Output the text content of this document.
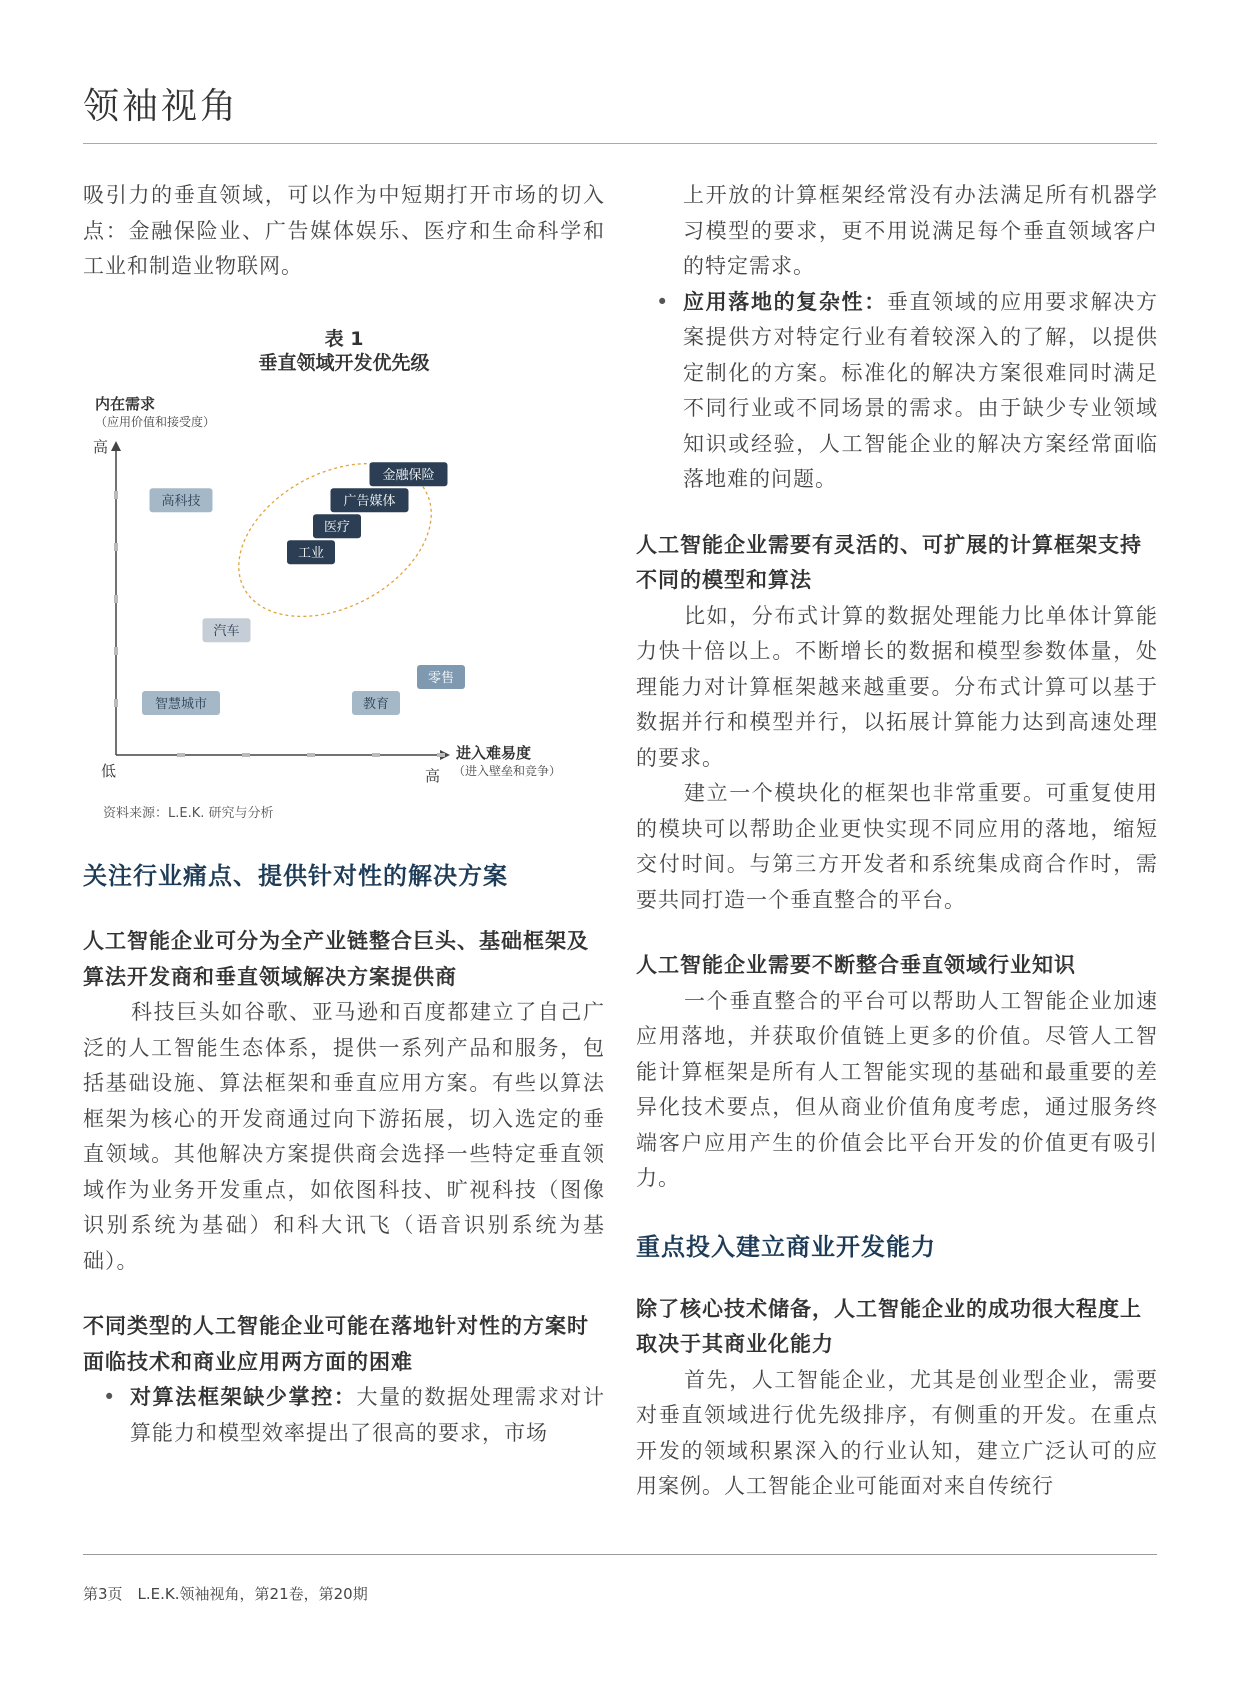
领袖视角

吸引力的垂直领域，可以作为中短期打开市场的切入点：金融保险业、广告媒体娱乐、医疗和生命科学和工业和制造业物联网。

表 1
垂直领域开发优先级
内在需求
（应用价值和接受度）
高
进入难易度
（进入壁垒和竞争）
低	高
金融保险
广告媒体
医疗
工业
高科技
汽车
智慧城市	教育
零售
资料来源：L.E.K. 研究与分析
关注行业痛点、提供针对性的解决方案
人工智能企业可分为全产业链整合巨头、基础框架及算法开发商和垂直领域解决方案提供商

科技巨头如谷歌、亚马逊和百度都建立了自己广泛的人工智能生态体系，提供一系列产品和服务，包括基础设施、算法框架和垂直应用方案。有些以算法框架为核心的开发商通过向下游拓展，切入选定的垂直领域。其他解决方案提供商会选择一些特定垂直领域作为业务开发重点，如依图科技、旷视科技（图像识别系统为基础）和科大讯飞（语音识别系统为基础）。

不同类型的人工智能企业可能在落地针对性的方案时面临技术和商业应用两方面的困难
• 对算法框架缺少掌控：大量的数据处理需求对计算能力和模型效率提出了很高的要求，市场

上开放的计算框架经常没有办法满足所有机器学习模型的要求，更不用说满足每个垂直领域客户的特定需求。

• 应用落地的复杂性：垂直领域的应用要求解决方案提供方对特定行业有着较深入的了解，以提供定制化的方案。标准化的解决方案很难同时满足不同行业或不同场景的需求。由于缺少专业领域知识或经验，人工智能企业的解决方案经常面临落地难的问题。
人工智能企业需要有灵活的、可扩展的计算框架支持不同的模型和算法

比如，分布式计算的数据处理能力比单体计算能力快十倍以上。不断增长的数据和模型参数体量，处理能力对计算框架越来越重要。分布式计算可以基于数据并行和模型并行，以拓展计算能力达到高速处理的要求。

建立一个模块化的框架也非常重要。可重复使用的模块可以帮助企业更快实现不同应用的落地，缩短交付时间。与第三方开发者和系统集成商合作时，需要共同打造一个垂直整合的平台。

人工智能企业需要不断整合垂直领域行业知识

一个垂直整合的平台可以帮助人工智能企业加速应用落地，并获取价值链上更多的价值。尽管人工智能计算框架是所有人工智能实现的基础和最重要的差异化技术要点，但从商业价值角度考虑，通过服务终端客户应用产生的价值会比平台开发的价值更有吸引力。

重点投入建立商业开发能力
除了核心技术储备，人工智能企业的成功很大程度上取决于其商业化能力

首先，人工智能企业，尤其是创业型企业，需要对垂直领域进行优先级排序，有侧重的开发。在重点开发的领域积累深入的行业认知，建立广泛认可的应用案例。人工智能企业可能面对来自传统行

第3页　L.E.K.领袖视角，第21卷，第20期
